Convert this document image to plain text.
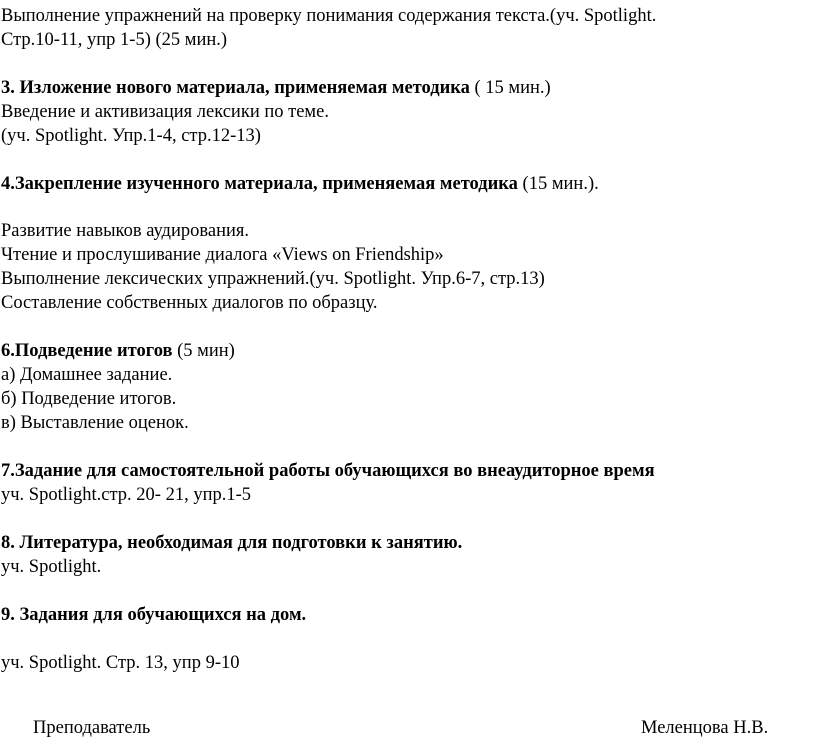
Выполнение упражнений на проверку понимания содержания текста.(уч. Spotlight.
Стр.10-11, упр 1-5) (25 мин.)
3. Изложение нового материала, применяемая методика ( 15 мин.)
Введение и активизация лексики по теме.
(уч. Spotlight. Упр.1-4, стр.12-13)
4.Закрепление изученного материала, применяемая методика (15 мин.).
Развитие навыков аудирования.
Чтение и прослушивание диалога «Views on Friendship»
Выполнение лексических упражнений.(уч. Spotlight. Упр.6-7, стр.13)
Составление собственных диалогов по образцу.
6.Подведение итогов (5 мин)
а) Домашнее задание.
б) Подведение итогов.
в) Выставление оценок.
7.Задание для самостоятельной работы обучающихся во внеаудиторное время
уч. Spotlight.стр. 20- 21, упр.1-5
8. Литература, необходимая для подготовки к занятию.
уч. Spotlight.
9. Задания для обучающихся на дом.
уч. Spotlight. Стр. 13, упр 9-10
Преподаватель	Меленцова Н.В.
